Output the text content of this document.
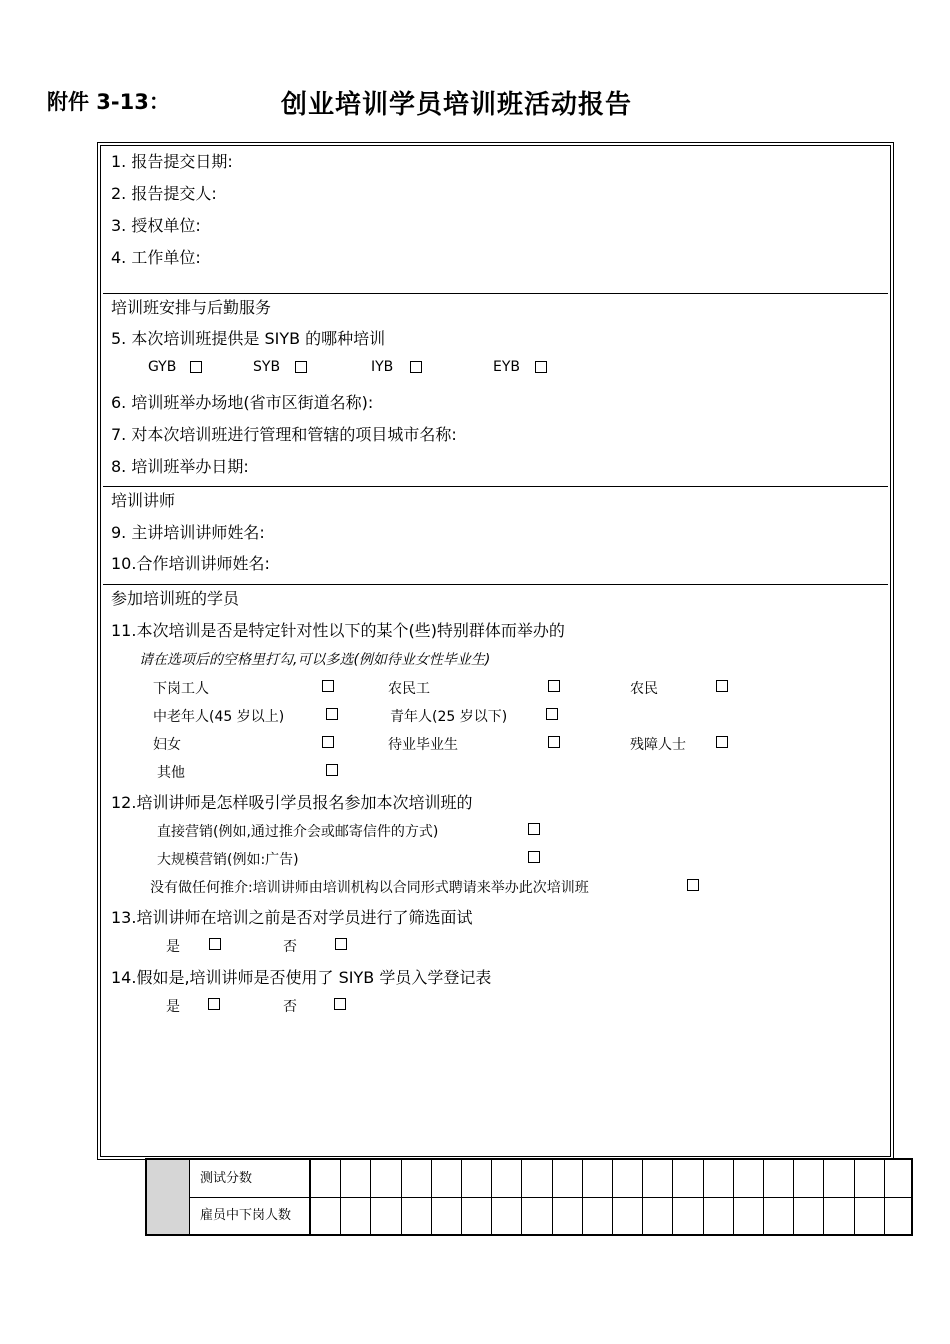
附件 3-13：	创业培训学员培训班活动报告
1. 报告提交日期:
2. 报告提交人:
3. 授权单位:
4. 工作单位:
培训班安排与后勤服务
5. 本次培训班提供是 SIYB 的哪种培训
GYB	SYB	IYB	EYB
6. 培训班举办场地(省市区街道名称):
7. 对本次培训班进行管理和管辖的项目城市名称:
8. 培训班举办日期:
培训讲师
9. 主讲培训讲师姓名:
10.合作培训讲师姓名:
参加培训班的学员
11.本次培训是否是特定针对性以下的某个(些)特别群体而举办的
请在选项后的空格里打勾,可以多选(例如待业女性毕业生)
下岗工人	农民工	农民
中老年人(45 岁以上)	青年人(25 岁以下)
妇女	待业毕业生	残障人士
其他
12.培训讲师是怎样吸引学员报名参加本次培训班的
直接营销(例如,通过推介会或邮寄信件的方式)
大规模营销(例如:广告)
没有做任何推介:培训讲师由培训机构以合同形式聘请来举办此次培训班
13.培训讲师在培训之前是否对学员进行了筛选面试
是	否
14.假如是,培训讲师是否使用了 SIYB 学员入学登记表
是	否
测试分数
雇员中下岗人数
